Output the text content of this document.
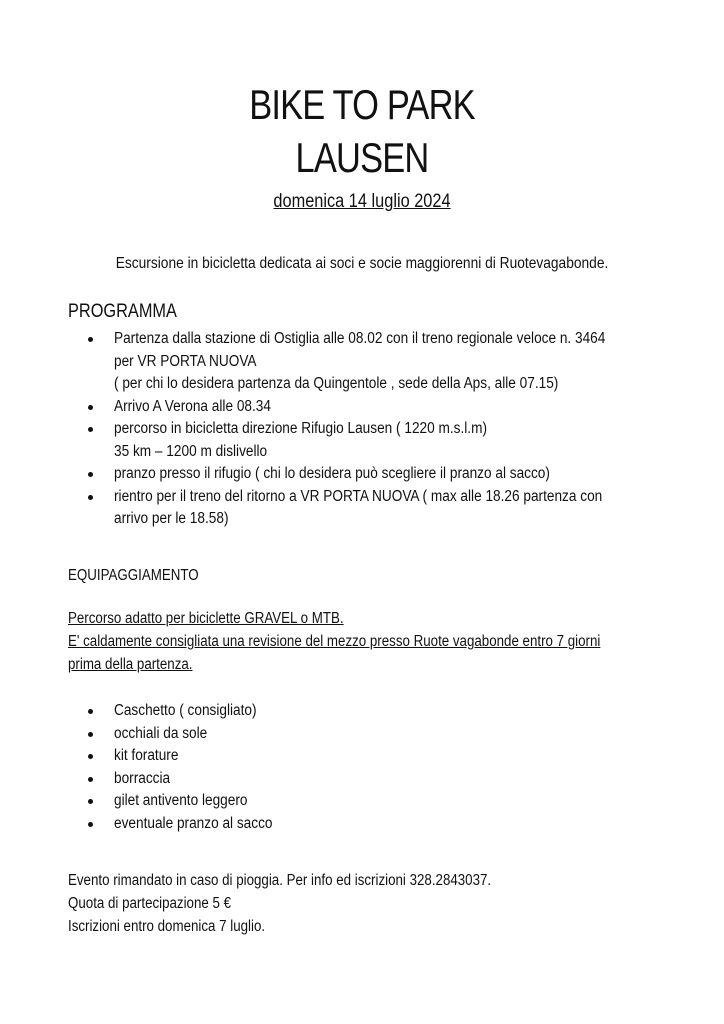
BIKE TO PARK
LAUSEN
domenica 14 luglio 2024
Escursione in bicicletta dedicata ai soci e socie maggiorenni di Ruotevagabonde.
PROGRAMMA
Partenza dalla stazione di Ostiglia alle 08.02 con il treno regionale veloce n. 3464
per VR PORTA NUOVA
( per chi lo desidera partenza da Quingentole , sede della Aps, alle 07.15)
Arrivo A Verona alle 08.34
percorso in bicicletta direzione Rifugio Lausen ( 1220 m.s.l.m)
35 km – 1200 m dislivello
pranzo presso il rifugio ( chi lo desidera può scegliere il pranzo al sacco)
rientro per il treno del ritorno a VR PORTA NUOVA ( max alle 18.26 partenza con
arrivo per le 18.58)
EQUIPAGGIAMENTO
Percorso adatto per biciclette GRAVEL o MTB.
E' caldamente consigliata una revisione del mezzo presso Ruote vagabonde entro 7 giorni
prima della partenza.
Caschetto ( consigliato)
occhiali da sole
kit forature
borraccia
gilet antivento leggero
eventuale pranzo al sacco
Evento rimandato in caso di pioggia. Per info ed iscrizioni 328.2843037.
Quota di partecipazione 5 €
Iscrizioni entro domenica 7 luglio.
